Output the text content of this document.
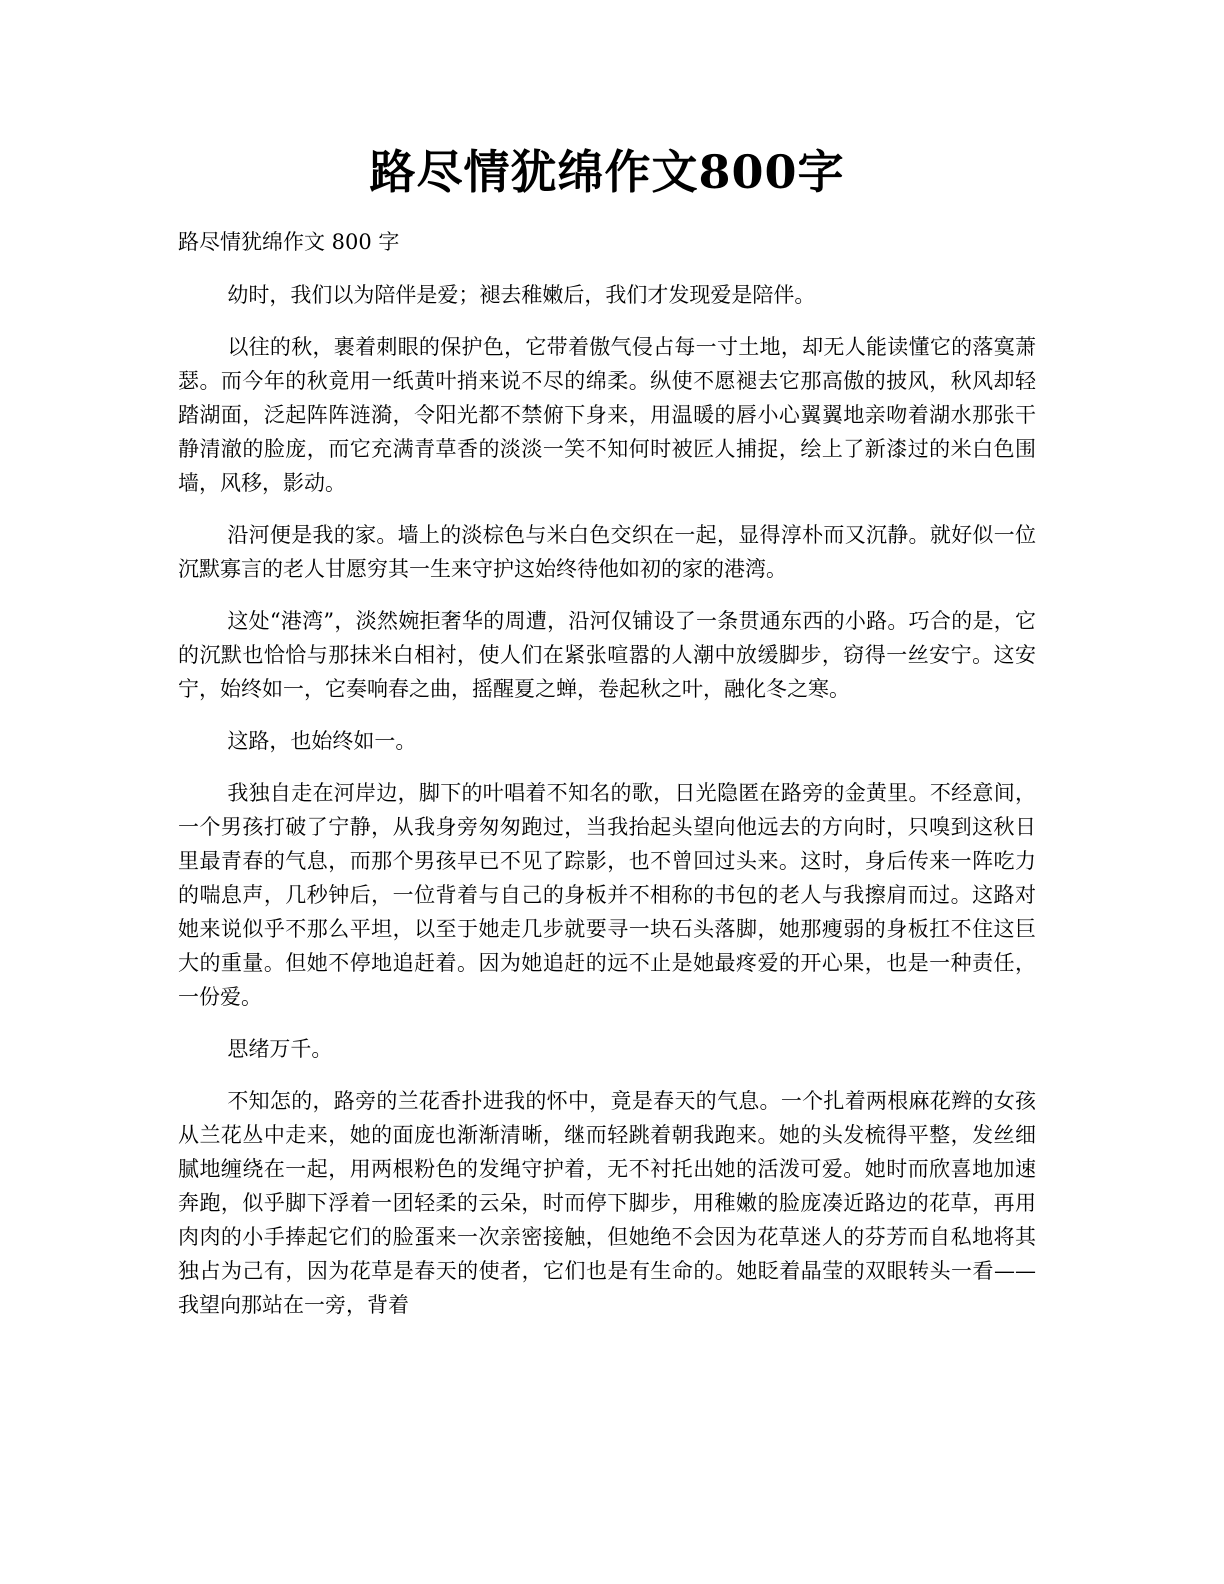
路尽情犹绵作文800字

路尽情犹绵作文 800 字

幼时，我们以为陪伴是爱；褪去稚嫩后，我们才发现爱是陪伴。

以往的秋，裹着刺眼的保护色，它带着傲气侵占每一寸土地，却无人能读懂它的落寞萧瑟。而今年的秋竟用一纸黄叶捎来说不尽的绵柔。纵使不愿褪去它那高傲的披风，秋风却轻踏湖面，泛起阵阵涟漪，令阳光都不禁俯下身来，用温暖的唇小心翼翼地亲吻着湖水那张干静清澈的脸庞，而它充满青草香的淡淡一笑不知何时被匠人捕捉，绘上了新漆过的米白色围墙，风移，影动。

沿河便是我的家。墙上的淡棕色与米白色交织在一起，显得淳朴而又沉静。就好似一位沉默寡言的老人甘愿穷其一生来守护这始终待他如初的家的港湾。

这处“港湾”，淡然婉拒奢华的周遭，沿河仅铺设了一条贯通东西的小路。巧合的是，它的沉默也恰恰与那抹米白相衬，使人们在紧张喧嚣的人潮中放缓脚步，窃得一丝安宁。这安宁，始终如一，它奏响春之曲，摇醒夏之蝉，卷起秋之叶，融化冬之寒。

这路，也始终如一。

我独自走在河岸边，脚下的叶唱着不知名的歌，日光隐匿在路旁的金黄里。不经意间，一个男孩打破了宁静，从我身旁匆匆跑过，当我抬起头望向他远去的方向时，只嗅到这秋日里最青春的气息，而那个男孩早已不见了踪影，也不曾回过头来。这时，身后传来一阵吃力的喘息声，几秒钟后，一位背着与自己的身板并不相称的书包的老人与我擦肩而过。这路对她来说似乎不那么平坦，以至于她走几步就要寻一块石头落脚，她那瘦弱的身板扛不住这巨大的重量。但她不停地追赶着。因为她追赶的远不止是她最疼爱的开心果，也是一种责任，一份爱。

思绪万千。

不知怎的，路旁的兰花香扑进我的怀中，竟是春天的气息。一个扎着两根麻花辫的女孩从兰花丛中走来，她的面庞也渐渐清晰，继而轻跳着朝我跑来。她的头发梳得平整，发丝细腻地缠绕在一起，用两根粉色的发绳守护着，无不衬托出她的活泼可爱。她时而欣喜地加速奔跑，似乎脚下浮着一团轻柔的云朵，时而停下脚步，用稚嫩的脸庞凑近路边的花草，再用肉肉的小手捧起它们的脸蛋来一次亲密接触，但她绝不会因为花草迷人的芬芳而自私地将其独占为己有，因为花草是春天的使者，它们也是有生命的。她眨着晶莹的双眼转头一看——我望向那站在一旁，背着
